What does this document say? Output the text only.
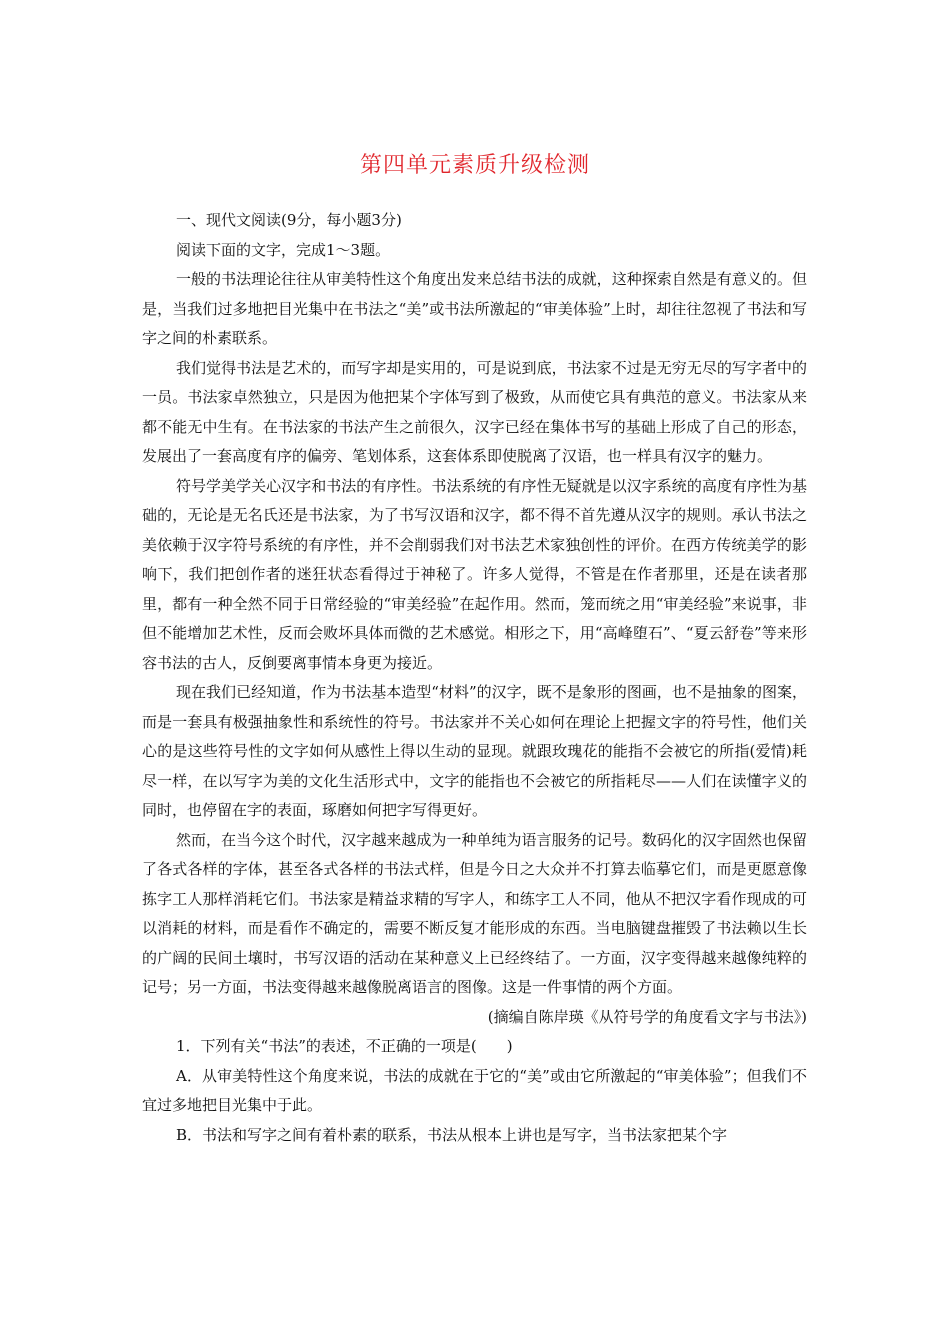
第四单元素质升级检测

一、现代文阅读(9分，每小题3分)

阅读下面的文字，完成1～3题。

一般的书法理论往往从审美特性这个角度出发来总结书法的成就，这种探索自然是有意义的。但是，当我们过多地把目光集中在书法之“美”或书法所激起的“审美体验”上时，却往往忽视了书法和写字之间的朴素联系。

我们觉得书法是艺术的，而写字却是实用的，可是说到底，书法家不过是无穷无尽的写字者中的一员。书法家卓然独立，只是因为他把某个字体写到了极致，从而使它具有典范的意义。书法家从来都不能无中生有。在书法家的书法产生之前很久，汉字已经在集体书写的基础上形成了自己的形态，发展出了一套高度有序的偏旁、笔划体系，这套体系即使脱离了汉语，也一样具有汉字的魅力。

符号学美学关心汉字和书法的有序性。书法系统的有序性无疑就是以汉字系统的高度有序性为基础的，无论是无名氏还是书法家，为了书写汉语和汉字，都不得不首先遵从汉字的规则。承认书法之美依赖于汉字符号系统的有序性，并不会削弱我们对书法艺术家独创性的评价。在西方传统美学的影响下，我们把创作者的迷狂状态看得过于神秘了。许多人觉得，不管是在作者那里，还是在读者那里，都有一种全然不同于日常经验的“审美经验”在起作用。然而，笼而统之用“审美经验”来说事，非但不能增加艺术性，反而会败坏具体而微的艺术感觉。相形之下，用“高峰堕石”、“夏云舒卷”等来形容书法的古人，反倒要离事情本身更为接近。

现在我们已经知道，作为书法基本造型“材料”的汉字，既不是象形的图画，也不是抽象的图案，而是一套具有极强抽象性和系统性的符号。书法家并不关心如何在理论上把握文字的符号性，他们关心的是这些符号性的文字如何从感性上得以生动的显现。就跟玫瑰花的能指不会被它的所指(爱情)耗尽一样，在以写字为美的文化生活形式中，文字的能指也不会被它的所指耗尽——人们在读懂字义的同时，也停留在字的表面，琢磨如何把字写得更好。

然而，在当今这个时代，汉字越来越成为一种单纯为语言服务的记号。数码化的汉字固然也保留了各式各样的字体，甚至各式各样的书法式样，但是今日之大众并不打算去临摹它们，而是更愿意像拣字工人那样消耗它们。书法家是精益求精的写字人，和练字工人不同，他从不把汉字看作现成的可以消耗的材料，而是看作不确定的，需要不断反复才能形成的东西。当电脑键盘摧毁了书法赖以生长的广阔的民间土壤时，书写汉语的活动在某种意义上已经终结了。一方面，汉字变得越来越像纯粹的记号；另一方面，书法变得越来越像脱离语言的图像。这是一件事情的两个方面。

(摘编自陈岸瑛《从符号学的角度看文字与书法》)

1．下列有关“书法”的表述，不正确的一项是(　　)

A．从审美特性这个角度来说，书法的成就在于它的“美”或由它所激起的“审美体验”；但我们不宜过多地把目光集中于此。

B．书法和写字之间有着朴素的联系，书法从根本上讲也是写字，当书法家把某个字
